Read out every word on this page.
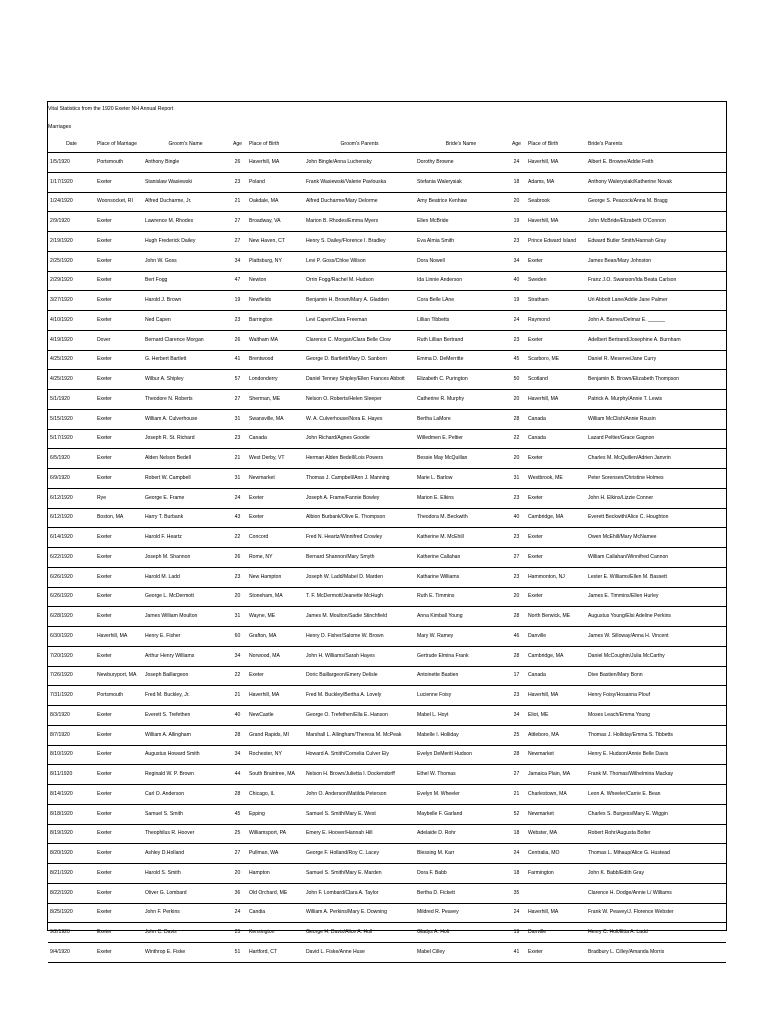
Vital Statistics from the 1920 Exeter NH Annual Report
Marriages
Date	Place of Marriage	Groom's Name	Age	Place of Birth	Groom's Parents	Bride's Name	Age	Place of Birth	Bride's Parents
1/5/1920	Portsmouth	Anthony Bingle	26	Haverhill, MA	John Bingle/Anna Luchensky	Dorothy Browne	24	Haverhill, MA	Albert E. Browne/Addie Feith
1/17/1920	Exeter	Stanislaw Wasiewski	23	Poland	Frank Wasiewski/Valerie Pavlouska	Stefania Walerysiak	18	Adams, MA	Anthony Walerysiak/Katherine Novak
1/24/1920	Woonsocket, RI	Alfred Ducharme, Jr.	21	Oakdale, MA	Alfred Ducharme/Mary Delorme	Amy Beatrice Kenhaw	20	Seabrook	George S. Peacock/Anna M. Bragg
2/9/1920	Exeter	Lawrence M. Rhodes	27	Broadway, VA	Marion B. Rhodes/Emma Myers	Ellen McBride	19	Haverhill, MA	John McBride/Elizabeth O'Connon
2/19/1920	Exeter	Hugh Frederick Dailey	27	New Haven, CT	Henry S. Dailey/Florence I. Bradley	Eva Almia Smith	23	Prince Edward Island	Edward Butler Smith/Hannah Gray
2/25/1920	Exeter	John W. Goss	34	Plattsburg, NY	Levi P. Goss/Chloe Wilson	Dora Nowell	34	Exeter	James Bean/Mary Johnston
2/29/1920	Exeter	Bert Fogg	47	Newton	Orrin Fogg/Rachel M. Hudson	Ida Linnie Anderson	40	Sweden	Franz J.O. Swanson/Ida Beata Carlson
3/27/1920	Exeter	Harold J. Brown	19	Newfields	Benjamin H. Brown/Mary A. Gladden	Cora Belle LAne	19	Stratham	Uri Abbott Lane/Addie Jane Palmer
4/10/1920	Exeter	Ned Capen	23	Barrington	Levi Capen/Clara Freeman	Lillian Tibbetts	24	Raymond	John A. Barnes/Delmar E. ______
4/19/1920	Dover	Bernard Clarence Morgan	26	Waltham MA	Clarence C. Morgan/Clara Belle Clow	Ruth Lillian Bertrand	23	Exeter	Adelbert Bertrand/Josephine A. Burnham
4/25/1920	Exeter	G. Herbert Bartlett	41	Brentwood	George D. Bartlett/Mary D. Sanborn	Emma D. DeMerritte	45	Scarboro, ME	Daniel R. Meserve/Jane Curry
4/25/1920	Exeter	Wilbur A. Shipley	57	Londonderry	Daniel Tenney Shipley/Ellen Frances Abbott	Elizabeth C. Purington	50	Scotland	Benjamin B. Brown/Elizabeth Thompson
5/1/1920	Exeter	Theodore N. Roberts	27	Sherman, ME	Nelson O. Roberts/Helen Sleeper	Catherine R. Murphy	20	Haverhill, MA	Patrick A. Murphy/Annie T. Lewis
5/15/1920	Exeter	William A. Culverhouse	31	Swansville, MA	W. A. Culverhouse/Nora E. Hayes	Bertha LaMore	28	Canada	William McClish/Annie Rousin
5/17/1920	Exeter	Joseph R. St. Richard	23	Canada	John Richard/Agnes Goodie	Willedmen E. Peltier	22	Canada	Lazard Peltier/Grace Gagnon
6/5/1920	Exeter	Alden Nelson Bedell	21	West Derby, VT	Herman Alden Bedell/Lois Powers	Bessie May McQuillan	20	Exeter	Charles M. McQuillen/Adrien Janvrin
6/9/1920	Exeter	Robert W. Campbell	31	Newmarket	Thomas J. Campbell/Ann J. Manning	Marie L. Barlow	31	Westbrook, ME	Peter Sorensen/Christine Holmes
6/12/1920	Rye	George E. Frame	24	Exeter	Joseph A. Frame/Fannie Bowley	Marion E. Elkins	23	Exeter	John H. Elkins/Lizzie Conner
6/12/1920	Boston, MA	Harry T. Burbank	43	Exeter	Albion Burbank/Olive E. Thompson	Theodora M. Beckwith	40	Cambridge, MA	Everett Beckwith/Alice C. Houghton
6/14/1920	Exeter	Harold F. Heartz	22	Concord	Fred N. Heartz/Winnifred Crowley	Katherine M. McEhill	23	Exeter	Owen McEhill/Mary McNamee
6/22/1920	Exeter	Joseph M. Shannon	26	Rome, NY	Bernard Shannon/Mary Smyth	Katherine Callahan	27	Exeter	William Callahan/Winnifred Cannon
6/26/1920	Exeter	Harold M. Ladd	23	New Hampton	Joseph W. Ladd/Mabel D. Marden	Katharine Williams	23	Hammonton, NJ	Lester E. Williams/Ellen M. Bassett
6/26/1920	Exeter	George L. McDermott	20	Stoneham, MA	T. F. McDermott/Jeanette McHugh	Ruth E. Timmins	20	Exeter	James E. Timmins/Ellen Hurley
6/28/1920	Exeter	James William Moulton	31	Wayne, ME	James M. Moulton/Sadie Stinchfield	Anna Kimball Young	28	North Berwick, ME	Augustus Young/Elsi Adeline Perkins
6/30/1920	Haverhill, MA	Henry E. Fisher	60	Grafton, MA	Henry D. Fisher/Salome W. Brown	Mary W. Ramey	46	Danville	James W. Silloway/Anna H. Vincent
7/20/1920	Exeter	Arthur Henry Williams	34	Norwood, MA	John H. Williams/Sarah Hayes	Gertrude Elmina Frank	28	Cambridge, MA	Daniel McCoughin/Julia McCarthy
7/26/1920	Newburyport, MA	Joseph Baillargeon	22	Exeter	Doric Baillargeon/Emery Delisle	Antoinette Bastien	17	Canada	Dive Bastien/Mary Bonn
7/31/1920	Portsmouth	Fred M. Buckley, Jr.	21	Haverhill, MA	Fred M. Buckley/Bertha A. Lovely	Lucienne Foisy	23	Haverhill, MA	Henry Foisy/Hosanna Plouf
8/3/1920	Exeter	Everett S. Trefethen	40	NewCastle	George O. Trefethen/Ella E. Hanson	Mabel L. Hoyt	34	Eliot, ME	Moses Leach/Emma Young
8/7/1920	Exeter	William A. Allingham	28	Grand Rapids, MI	Marshall L. Allingham/Theresa M. McPeak	Mabelle I. Holliday	25	Attleboro, MA	Thomas J. Holliday/Emma S. Tibbetts
8/10/1920	Exeter	Augustus Howard Smith	34	Rochester, NY	Howard A. Smith/Cornelia Culver Ely	Evelyn DeMeritt Hudson	28	Newmarket	Henry E. Hudson/Annie Belle Davis
8/11/1920	Exeter	Reginald W. P. Brown	44	South Braintree, MA	Nelson H. Brown/Julietta I. Dockendorff	Ethel W. Thomas	27	Jamaica Plain, MA	Frank M. Thomas/Wilhelmina Mackay
8/14/1920	Exeter	Carl O. Anderson	28	Chicago, IL	John O. Anderson/Matilda Peterson	Evelyn M. Wheeler	21	Charlestown, MA	Leon A. Wheeler/Carrie E. Bean
8/18/1920	Exeter	Samuel S. Smith	45	Epping	Samuel S. Smith/Mary E. West	Maybelle F. Garland	52	Newmarket	Charles S. Burgess/Mary E. Wiggin
8/19/1920	Exeter	Theophilus R. Hoover	25	Williamsport, PA	Emery E. Hoover/Hannah Hill	Adelaide D. Rohr	18	Webster, MA	Robert Rohr/Augusta Bolter
8/20/1920	Exeter	Ashley D.Holland	27	Pullman, WA	George F. Holland/Roy C. Lacey	Blessing M. Karr	24	Centralia, MO	Thomas L. Mihaup/Alice G. Hustead
8/21/1920	Exeter	Harold S. Smith	20	Hampton	Samuel S. Smith/Mary E. Marden	Dora F. Babb	18	Farmington	John K. Babb/Edith Gray
8/22/1920	Exeter	Oliver G. Lombard	36	Old Orchard, ME	John F. Lombard/Clara A. Taylor	Bertha D. Fickett	35		Clarence H. Dodge/Annie L/ Williams
8/25/1920	Exeter	John F. Perkins	24	Candia	William A. Perkins/Mary E. Downing	Mildred R. Peavey	24	Haverhill, MA	Frank W. Peavey/J. Florence Webster
9/2/1920	Exeter	John C. Davis	25	Kensington	George H. Davis/Alice A. Hull	Gladys A. Holt	19	Danville	Henry C. Holt/Etta A. Ladd
9/4/1920	Exeter	Winthrop E. Fiske	51	Hartford, CT	David L. Fiske/Anne Huse	Mabel Cilley	41	Exeter	Bradbury L. Cilley/Amanda Morris
